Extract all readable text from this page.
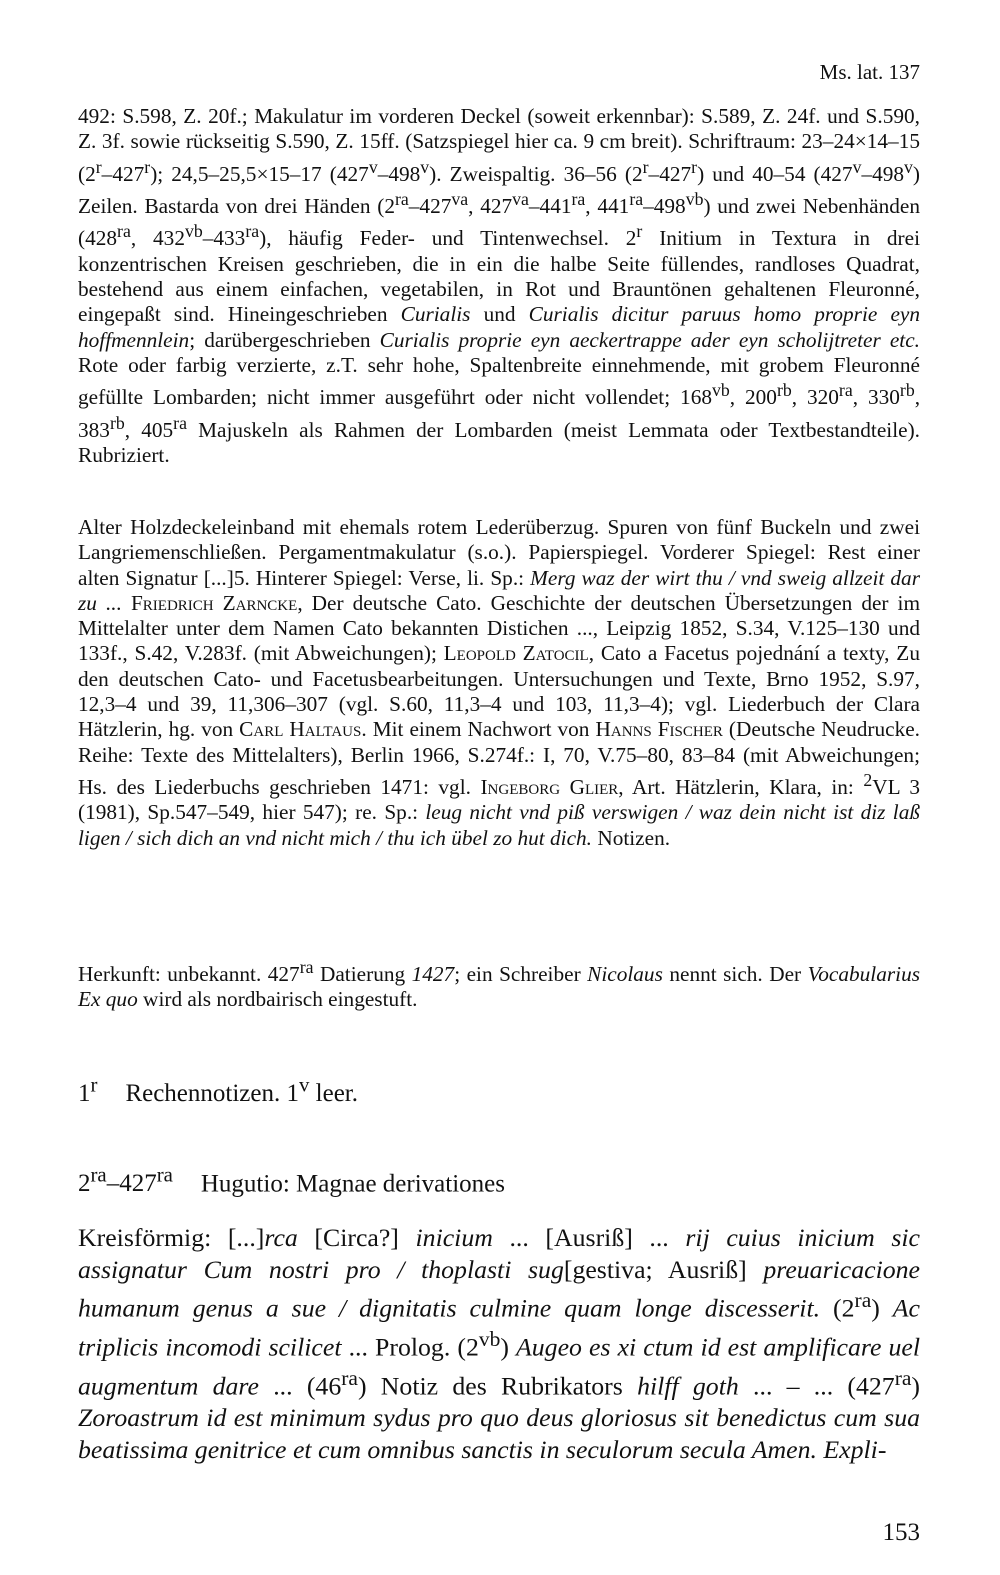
Ms. lat. 137

492: S.598, Z. 20f.; Makulatur im vorderen Deckel (soweit erkennbar): S.589, Z. 24f. und S.590, Z. 3f. sowie rückseitig S.590, Z. 15ff. (Satzspiegel hier ca. 9 cm breit). Schriftraum: 23–24×14–15 (2$^r$–427$^r$); 24,5–25,5×15–17 (427$^v$–498$^v$). Zweispaltig. 36–56 (2$^r$–427$^r$) und 40–54 (427$^v$–498$^v$) Zeilen. Bastarda von drei Händen ($2^{ra}-427^{va}$, $427^{va}-441^{ra}$, $441^{ra}-498^{vb}$) und zwei Nebenhänden ($428^{ra}$, $432^{vb}-433^{ra}$), häufig Feder- und Tintenwechsel. 2$^r$ Initium in Textura in drei konzentrischen Kreisen geschrieben, die in ein die halbe Seite füllendes, randloses Quadrat, bestehend aus einem einfachen, vegetabilen, in Rot und Brauntönen gehaltenen Fleuronné, eingepaßt sind. Hineingeschrieben Curialis und Curialis dicitur paruus homo proprie eyn hoffmennlein; darübergeschrieben Curialis proprie eyn aeckertrappe ader eyn scholijtreter etc. Rote oder farbig verzierte, z.T. sehr hohe, Spaltenbreite einnehmende, mit grobem Fleuronné gefüllte Lombarden; nicht immer ausgeführt oder nicht vollendet; $168^{vb}$, $200^{rb}$, $320^{ra}$, $330^{rb}$, $383^{rb}$, $405^{ra}$ Majuskeln als Rahmen der Lombarden (meist Lemmata oder Textbestandteile). Rubriziert.

Alter Holzdeckeleinband mit ehemals rotem Lederüberzug. Spuren von fünf Buckeln und zwei Langriemenschließen. Pergamentmakulatur (s.o.). Papierspiegel. Vorderer Spiegel: Rest einer alten Signatur [...]5. Hinterer Spiegel: Verse, li. Sp.: Merg waz der wirt thu / vnd sweig allzeit dar zu ... Friedrich Zarncke, Der deutsche Cato. Geschichte der deutschen Übersetzungen der im Mittelalter unter dem Namen Cato bekannten Distichen ..., Leipzig 1852, S.34, V.125–130 und 133f., S.42, V.283f. (mit Abweichungen); Leopold Zatocil, Cato a Facetus pojednání a texty, Zu den deutschen Cato- und Facetusbearbeitungen. Untersuchungen und Texte, Brno 1952, S.97, 12,3–4 und 39, 11,306–307 (vgl. S.60, 11,3–4 und 103, 11,3–4); vgl. Liederbuch der Clara Hätzlerin, hg. von Carl Haltaus. Mit einem Nachwort von Hanns Fischer (Deutsche Neudrucke. Reihe: Texte des Mittelalters), Berlin 1966, S.274f.: I, 70, V.75–80, 83–84 (mit Abweichungen; Hs. des Liederbuchs geschrieben 1471: vgl. Ingeborg Glier, Art. Hätzlerin, Klara, in: $^2$VL 3 (1981), Sp.547–549, hier 547); re. Sp.: leug nicht vnd piß verswigen / waz dein nicht ist diz laß ligen / sich dich an vnd nicht mich / thu ich übel zo hut dich. Notizen.

Herkunft: unbekannt. $427^{ra}$ Datierung 1427; ein Schreiber Nicolaus nennt sich. Der Vocabularius Ex quo wird als nordbairisch eingestuft.

1$^r$ Rechennotizen. 1$^v$ leer.
$2^{ra}-427^{ra}$ Hugutio: Magnae derivationes

Kreisförmig: [...]rca [Circa?] inicium ... [Ausriß] ... rij cuius inicium sic assignatur Cum nostri pro / thoplasti sug[gestiva; Ausriß] preuaricacione humanum genus a sue / dignitatis culmine quam longe discesserit. $(2^{ra})$ Ac triplicis incomodi scilicet ... Prolog. $(2^{vb})$ Augeo es xi ctum id est amplificare uel augmentum dare ... $(46^{ra})$ Notiz des Rubrikators hilff goth ... – ... $(427^{ra})$ Zoroastrum id est minimum sydus pro quo deus gloriosus sit benedictus cum sua beatissima genitrice et cum omnibus sanctis in seculorum secula Amen. Expli-

153
